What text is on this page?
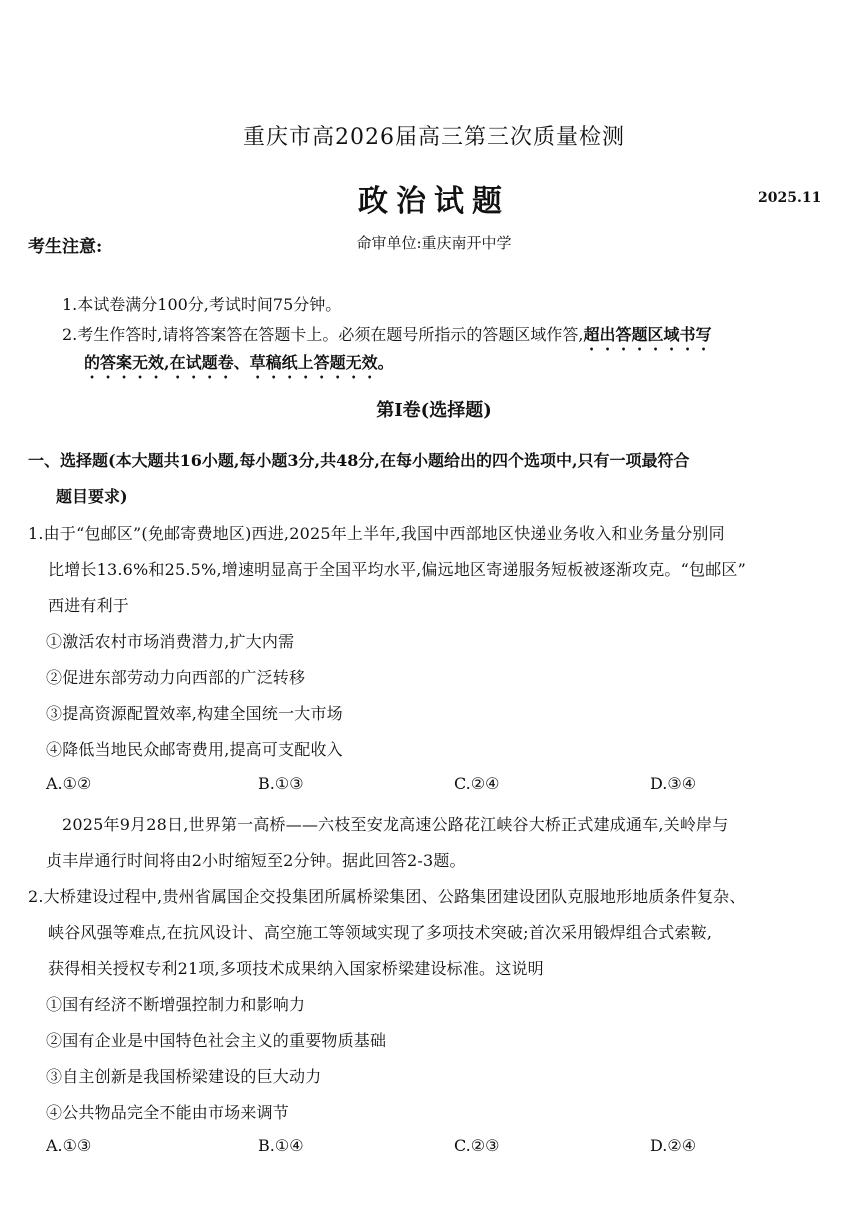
重庆市高2026届高三第三次质量检测
政治试题	2025.11
命审单位:重庆南开中学
考生注意:
1.本试卷满分100分,考试时间75分钟。
2.考生作答时,请将答案答在答题卡上。必须在题号所指示的答题区域作答,超出答题区域书写
的答案无效,在试题卷、草稿纸上答题无效。
第Ⅰ卷(选择题)
一、选择题(本大题共16小题,每小题3分,共48分,在每小题给出的四个选项中,只有一项最符合
题目要求)
1.由于“包邮区”(免邮寄费地区)西进,2025年上半年,我国中西部地区快递业务收入和业务量分别同
比增长13.6%和25.5%,增速明显高于全国平均水平,偏远地区寄递服务短板被逐渐攻克。“包邮区”
西进有利于
①激活农村市场消费潜力,扩大内需
②促进东部劳动力向西部的广泛转移
③提高资源配置效率,构建全国统一大市场
④降低当地民众邮寄费用,提高可支配收入
A.①②	B.①③	C.②④	D.③④
2025年9月28日,世界第一高桥——六枝至安龙高速公路花江峡谷大桥正式建成通车,关岭岸与
贞丰岸通行时间将由2小时缩短至2分钟。据此回答2-3题。
2.大桥建设过程中,贵州省属国企交投集团所属桥梁集团、公路集团建设团队克服地形地质条件复杂、
峡谷风强等难点,在抗风设计、高空施工等领域实现了多项技术突破;首次采用锻焊组合式索鞍,
获得相关授权专利21项,多项技术成果纳入国家桥梁建设标准。这说明
①国有经济不断增强控制力和影响力
②国有企业是中国特色社会主义的重要物质基础
③自主创新是我国桥梁建设的巨大动力
④公共物品完全不能由市场来调节
A.①③	B.①④	C.②③	D.②④
